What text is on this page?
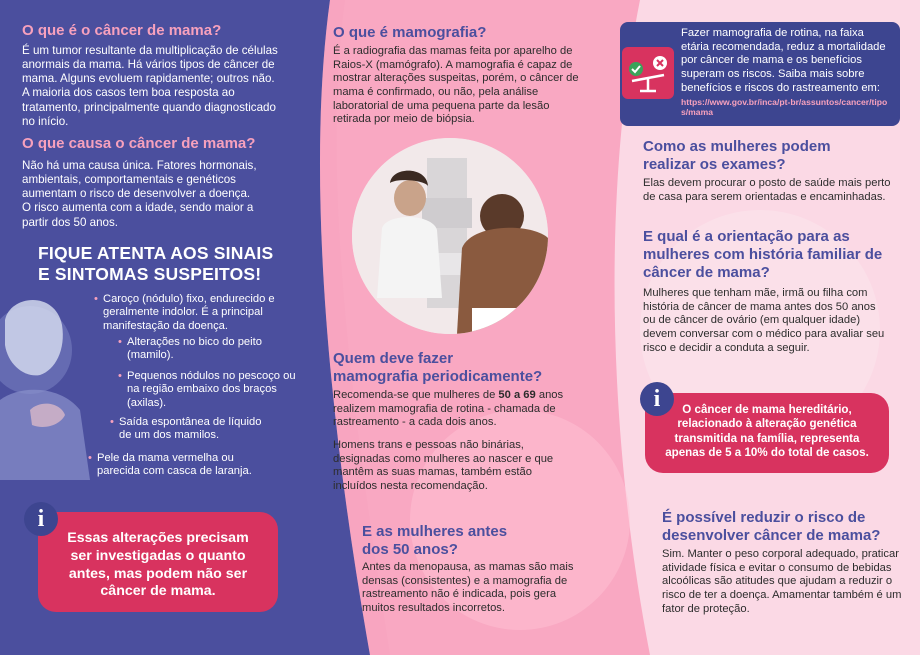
O que é o câncer de mama?
É um tumor resultante da multiplicação de células anormais da mama. Há vários tipos de câncer de mama. Alguns evoluem rapidamente; outros não. A maioria dos casos tem boa resposta ao tratamento, principalmente quando diagnosticado no início.
O que causa o câncer de mama?
Não há uma causa única. Fatores hormonais, ambientais, comportamentais e genéticos aumentam o risco de desenvolver a doença. O risco aumenta com a idade, sendo maior a partir dos 50 anos.
FIQUE ATENTA AOS SINAIS
E SINTOMAS SUSPEITOS!
• Caroço (nódulo) fixo, endurecido e geralmente indolor. É a principal manifestação da doença.
• Alterações no bico do peito (mamilo).
• Pequenos nódulos no pescoço ou na região embaixo dos braços (axilas).
• Saída espontânea de líquido de um dos mamilos.
• Pele da mama vermelha ou parecida com casca de laranja.
Essas alterações precisam ser investigadas o quanto antes, mas podem não ser câncer de mama.
i
O que é mamografia?
É a radiografia das mamas feita por aparelho de Raios-X (mamógrafo). A mamografia é capaz de mostrar alterações suspeitas, porém, o câncer de mama é confirmado, ou não, pela análise laboratorial de uma pequena parte da lesão retirada por meio de biópsia.
Quem deve fazer
mamografia periodicamente?
Recomenda-se que mulheres de 50 a 69 anos realizem mamografia de rotina - chamada de rastreamento - a cada dois anos.
Homens trans e pessoas não binárias, designadas como mulheres ao nascer e que mantêm as suas mamas, também estão incluídos nesta recomendação.
E as mulheres antes
dos 50 anos?
Antes da menopausa, as mamas são mais densas (consistentes) e a mamografia de rastreamento não é indicada, pois gera muitos resultados incorretos.
Fazer mamografia de rotina, na faixa etária recomendada, reduz a mortalidade por câncer de mama e os benefícios superam os riscos. Saiba mais sobre benefícios e riscos do rastreamento em:
https://www.gov.br/inca/pt-br/assuntos/cancer/tipos/mama
Como as mulheres podem realizar os exames?
Elas devem procurar o posto de saúde mais perto de casa para serem orientadas e encaminhadas.
E qual é a orientação para as mulheres com história familiar de câncer de mama?
Mulheres que tenham mãe, irmã ou filha com história de câncer de mama antes dos 50 anos ou de câncer de ovário (em qualquer idade) devem conversar com o médico para avaliar seu risco e decidir a conduta a seguir.
O câncer de mama hereditário, relacionado à alteração genética transmitida na família, representa apenas de 5 a 10% do total de casos.
i
É possível reduzir o risco de desenvolver câncer de mama?
Sim. Manter o peso corporal adequado, praticar atividade física e evitar o consumo de bebidas alcoólicas são atitudes que ajudam a reduzir o risco de ter a doença. Amamentar também é um fator de proteção.
